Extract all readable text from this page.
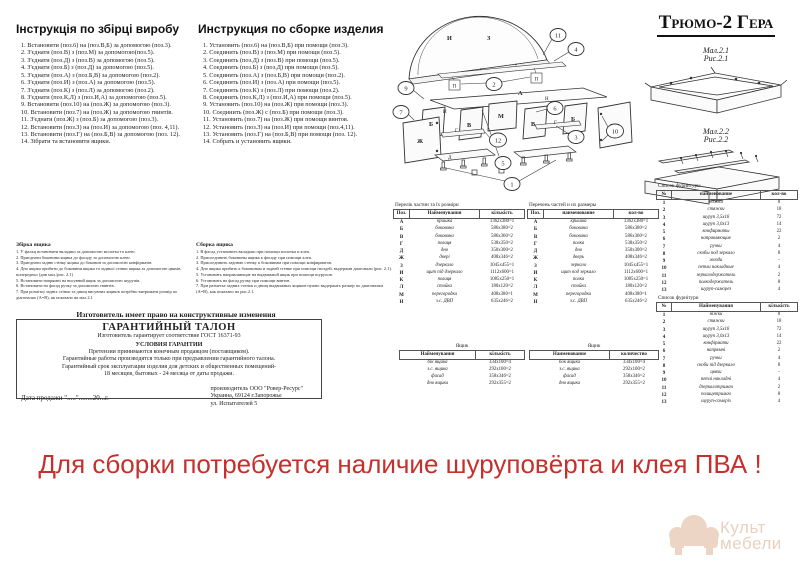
Інструкція по збірці виробу
1. Встановити (поз.6) на (поз.В,Б) за допомогою (поз.3).
2. З'єднати (поз.В) з (поз.М) за допомогою(поз.5).
3. З'єднати (поз.Д) з (поз.В) за допомогою (поз.5).
4. З'єднати (поз.Б) з (поз.Д) за допомогою (поз.5).
5. З'єднати (поз.А) з (поз.Б,В) за допомогою (поз.2).
6. З'єднати (поз.И) з (поз.А) за допомогою (поз.5).
7. З'єднати (поз.К) з (поз.Л) за допомогою (поз.2).
8. З'єднати (поз.К,Л) з (поз.И,А) за допомогою (поз.5).
9. Встановити (поз.10) на (поз.Ж) за допомогою (поз.3).
10. Встановити (поз.7) на (поз.Ж) за допомогою гвинтів.
11. З'єднати (поз.Ж) з (поз.Б) за допомогою (поз.3).
12. Встановити (поз.З) на (поз.И) за допомогою (поз. 4,11).
13. Встановити (поз.Г) на (поз.Б,В) за допомогою (поз. 12).
14. Зібрати та встановити ящики.
Инструкция по сборке изделия
1. Установить (поз.6) на (поз.В,Б) при помощи (поз.3).
2. Соединить (поз.В) з (поз.М) при помощи (поз.5).
3. Соединить (поз.Д) з (поз.В) при помощи (поз.5).
4. Соединить (поз.Б) з (поз.Д) при помощи (поз.5).
5. Соединить (поз.А) з (поз.Б,В) при помощи (поз.2).
6. Соединить (поз.И) з (поз.А) при помощи (поз.5).
7. Соединить (поз.К) з (поз.Л) при помощи (поз.2).
8. Соединить (поз.К,Л) з (поз.И,А) при помощи (поз.5).
9. Установить (поз.10) на (поз.Ж) при помощи (поз.3).
10. Соединить (поз.Ж) с (поз.Б) при помощи (поз.3).
11. Установить (поз.7) на (поз.Ж) при помощи винтов.
12. Установить (поз.З) на (поз.И) при помощи (поз.4,11).
13. Установить (поз.Г) на (поз.Б,В) при помощи (поз. 12).
14. Собрать и установить ящики.
И	З
П
П
А
Н
Н
Б	В
М
В
Б
Ж
Г
Г
Д
11
4
2
9
7
6
10
3
12
5
1
Трюмо-2 Гера
Мал.2.1
Рис.2.1
Мал.2.2
Рис.2.2
Перелік частин та їх розміри
Поз.	Найменування	кількість
А	кришка	1362х380=1
Б	боковина	586х380=2
В	боковина	586х360=2
Г	полиця	538х350=2
Д	дно	350х300=2
Ж	двері	408х346=2
З	дзеркало	1045х455=1
И	щит під дзеркало	1112х600=1
К	полиця	1085х250=1
Л	стойка	180х120=2
М	перегородка	408х380=1
Н	з.с. ДВП	635х246=2
Перечень частей и их размеры
Поз.	наименование	кол-во
А	крышка	1362х380=1
Б	боковина	586х380=2
В	боковина	586х360=2
Г	полка	538х350=2
Д	дно	350х300=2
Ж	дверь	408х346=2
З	зеркало	1045х455=1
И	щит под зеркало	1112х600=1
К	полка	1085х250=1
Л	стойка	180х120=2
М	перегородка	408х380=1
Н	з.с. ДВП	635х246=2
Список фурнитуры
№	наименование	кол-во
1	ножки	8
2	стяжки	18
3	шуруп 3,5х16	72
4	шуруп 3,0х13	14
5	конфирматы	22
6	направляющие	2
7	ручки	4
8	скобы под зеркало	8
9	гвозди	-
10	петли накладные	4
11	зеркалодержатель	2
12	полкодержатель	8
13	шуруп-саморез	4
Список фурнітури
№	Найменування	кількість
1	ніжки	8
2	стяжки	18
3	шуруп 3,5х16	72
4	шуруп 3,0х13	14
5	конфірмати	22
6	напрямні	2
7	ручки	4
8	скоби під дзеркало	8
9	цвяхи	-
10	петлі накладні	4
11	дзеркалотримач	2
12	полицетримач	8
13	шуруп-саморіз	4
Збірка ящика
1. У фальц встановити вкладиш за допомогою молотка та клею.
2. Приєднати боковини ящика до фасаду за допомогою клею.
3. Приєднати задню стінку ящика до боковин за допомогою конфірматів.
4. Дно ящика прибити до боковини ящика та задньої стінки ящика за допомогою цвяхів, попередньо (див мал./рис. 2.1)
5. Встановити напрямні на висувний ящик за допомогою шурупів.
6. Встановити на фасад ручку за допомогою гвинтів.
7. При розмітці задніх стінок та днищ висувних ящиків потрібно витримати розмір по діагоналях (А=В), як показано на мал.2.1
Сборка ящика
1. В фасад установить вкладыш при помощи молотка и клея.
2. Присоединить боковины ящика к фасаду при помощи клея.
3. Присоединить заднюю стенку к боковинам при помощи конфирматов.
4. Дно ящика прибить к боковинам и задней стенке при помощи гвоздей, выдержав диагонали (рис. 2.1).
5. Установить направляющие на выдвижной ящик при помощи шурупов.
6. Установить на фасад ручку при помощи винтов.
7. При разметке задних стенок и днищ выдвижных ящиков нужно выдержать размер по диагоналям (А=В), как показано на рис.2.1.
Ящик
Найменування	кількість
бік ящика	334х100=4
з.с. ящика	292х100=2
фасад	358х346=2
дно ящика	292х355=2
Ящик
Наименование	количество
бок ящика	334х100=4
з.с. ящика	292х100=2
фасад	358х346=2
дно ящика	292х355=2
Изготовитель имеет право на конструктивные изменения
ГАРАНТИЙНЫЙ ТАЛОН
Изготовитель гарантирует соответствие ГОСТ 16371-93
УСЛОВИЯ ГАРАНТИИ
Претензии принимаются конечным продавцом (поставщиком).
Гарантийные работы производятся только при предъявлении гарантийного талона.
Гарантийный срок эксплуатации изделия для детских и общественных помещений-
18 месяцев, бытовых - 24 месяца от даты продажи.
Дата продажи "....."........20...г.
производитель ООО "Ровер-Ресурс"
Украина, 69124 г.Запорожье
ул. Испытателей 5
Для сборки потребуется наличие шуруповёрта и клея ПВА !
Культ
мебели
